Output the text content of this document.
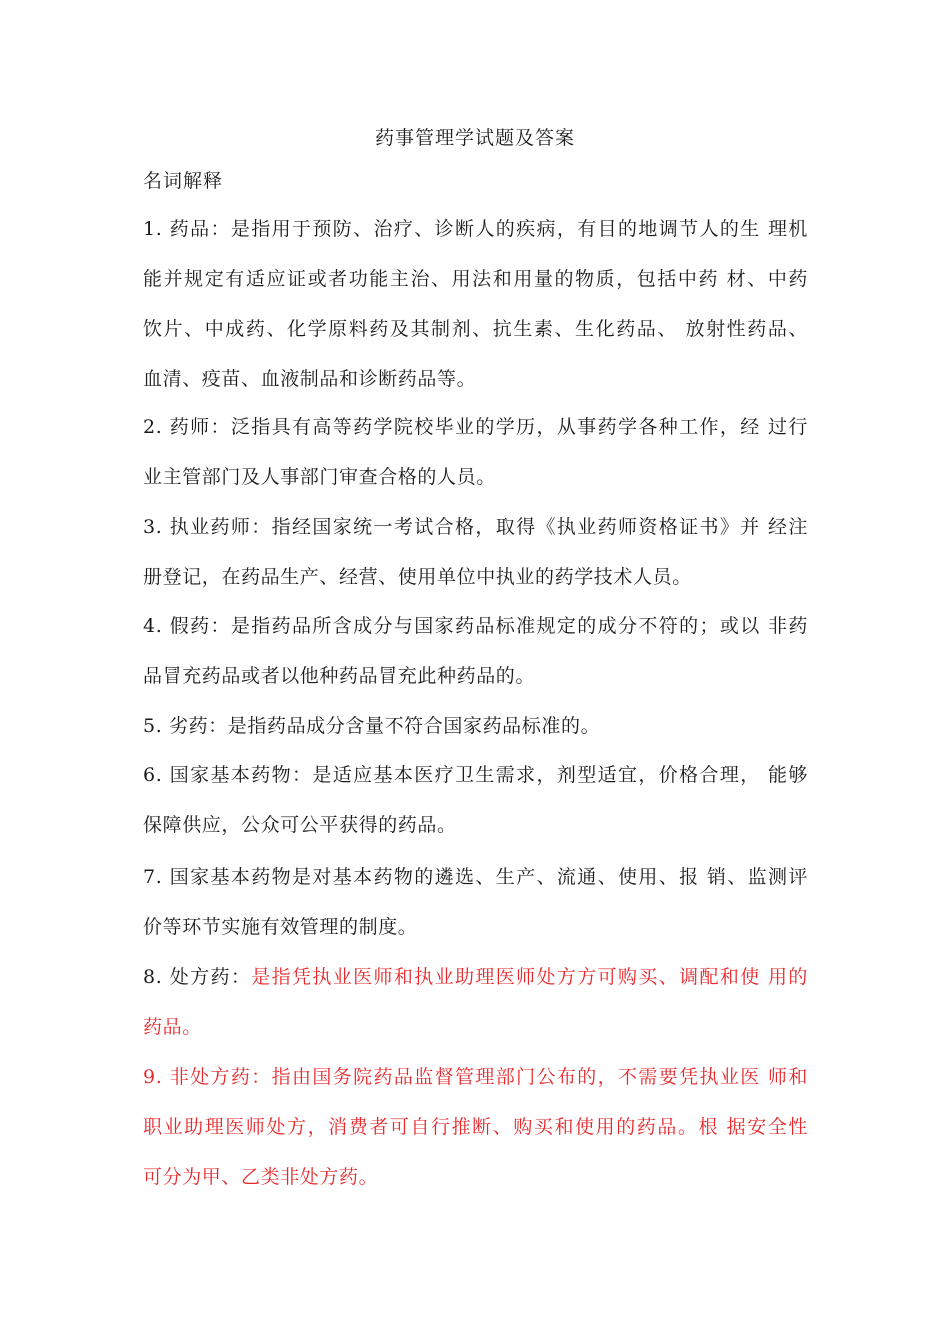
药事管理学试题及答案
名词解释
1. 药品：是指用于预防、治疗、诊断人的疾病，有目的地调节人的生 理机
能并规定有适应证或者功能主治、用法和用量的物质，包括中药 材、中药
饮片、中成药、化学原料药及其制剂、抗生素、生化药品、 放射性药品、
血清、疫苗、血液制品和诊断药品等。
2. 药师：泛指具有高等药学院校毕业的学历，从事药学各种工作，经 过行
业主管部门及人事部门审查合格的人员。
3. 执业药师：指经国家统一考试合格，取得《执业药师资格证书》并 经注
册登记，在药品生产、经营、使用单位中执业的药学技术人员。
4. 假药：是指药品所含成分与国家药品标准规定的成分不符的；或以 非药
品冒充药品或者以他种药品冒充此种药品的。
5. 劣药：是指药品成分含量不符合国家药品标准的。
6. 国家基本药物：是适应基本医疗卫生需求，剂型适宜，价格合理， 能够
保障供应，公众可公平获得的药品。
7. 国家基本药物是对基本药物的遴选、生产、流通、使用、报 销、监测评
价等环节实施有效管理的制度。
8. 处方药：是指凭执业医师和执业助理医师处方方可购买、调配和使 用的
药品。
9. 非处方药：指由国务院药品监督管理部门公布的，不需要凭执业医 师和
职业助理医师处方，消费者可自行推断、购买和使用的药品。根 据安全性
可分为甲、乙类非处方药。
